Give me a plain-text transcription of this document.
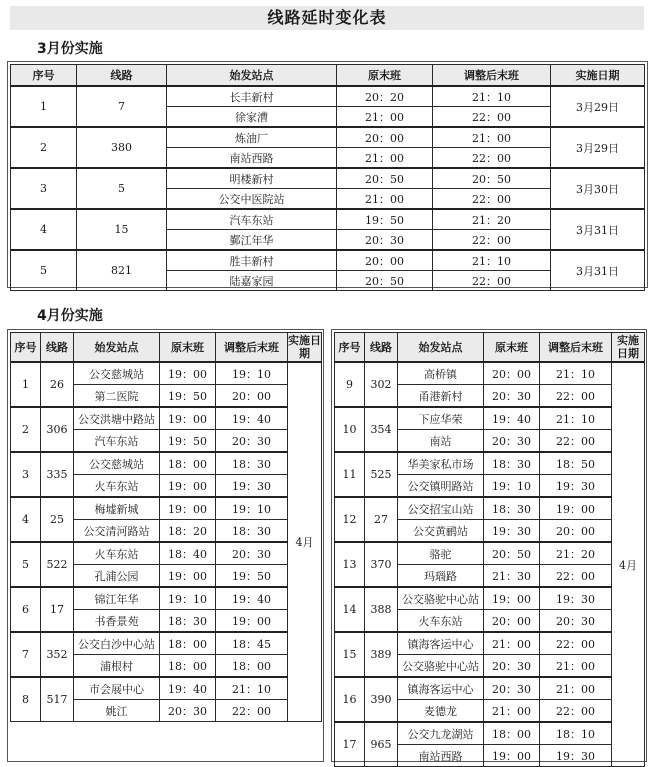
线路延时变化表
3月份实施
序号	线路	始发站点	原末班	调整后末班	实施日期
1	7	长丰新村	20：20	21：10	3月29日
		徐家漕	21：00	22：00	
2	380	炼油厂	20：00	21：00	3月29日
		南站西路	21：00	22：00	
3	5	明楼新村	20：50	20：50	3月30日
		公交中医院站	21：00	22：00	
4	15	汽车东站	19：50	21：20	3月31日
		鄞江年华	20：30	22：00	
5	821	胜丰新村	20：00	21：10	3月31日
		陆嘉家园	20：50	22：00	
4月份实施
序号	线路	始发站点	原末班	调整后末班	实施日期
1	26	公交慈城站	19：00	19：10	4月
		第二医院	19：50	20：00	
2	306	公交洪塘中路站	19：00	19：40	
		汽车东站	19：50	20：30	
3	335	公交慈城站	18：00	18：30	
		火车东站	19：00	19：30	
4	25	梅墟新城	19：00	19：10	
		公交清河路站	18：20	18：30	
5	522	火车东站	18：40	20：30	
		孔浦公园	19：00	19：50	
6	17	锦江年华	19：10	19：40	
		书香景苑	18：30	19：00	
7	352	公交白沙中心站	18：00	18：45	
		浦根村	18：00	18：00	
8	517	市会展中心	19：40	21：10	
		姚江	20：30	22：00	
序号	线路	始发站点	原末班	调整后末班	实施日期
9	302	高桥镇	20：00	21：10	4月
		甬港新村	20：30	22：00	
10	354	下应华荣	19：40	21：10	
		南站	20：30	22：00	
11	525	华美家私市场	18：30	18：50	
		公交镇明路站	19：10	19：30	
12	27	公交招宝山站	18：30	19：00	
		公交黄鹂站	19：30	20：00	
13	370	骆驼	20：50	21：20	
		玛瑙路	21：30	22：00	
14	388	公交骆驼中心站	19：00	19：30	
		火车东站	20：00	20：30	
15	389	镇海客运中心	21：00	22：00	
		公交骆驼中心站	20：30	21：00	
16	390	镇海客运中心	20：30	21：00	
		麦德龙	21：00	22：00	
17	965	公交九龙湖站	18：00	18：10	
		南站西路	19：00	19：30	
